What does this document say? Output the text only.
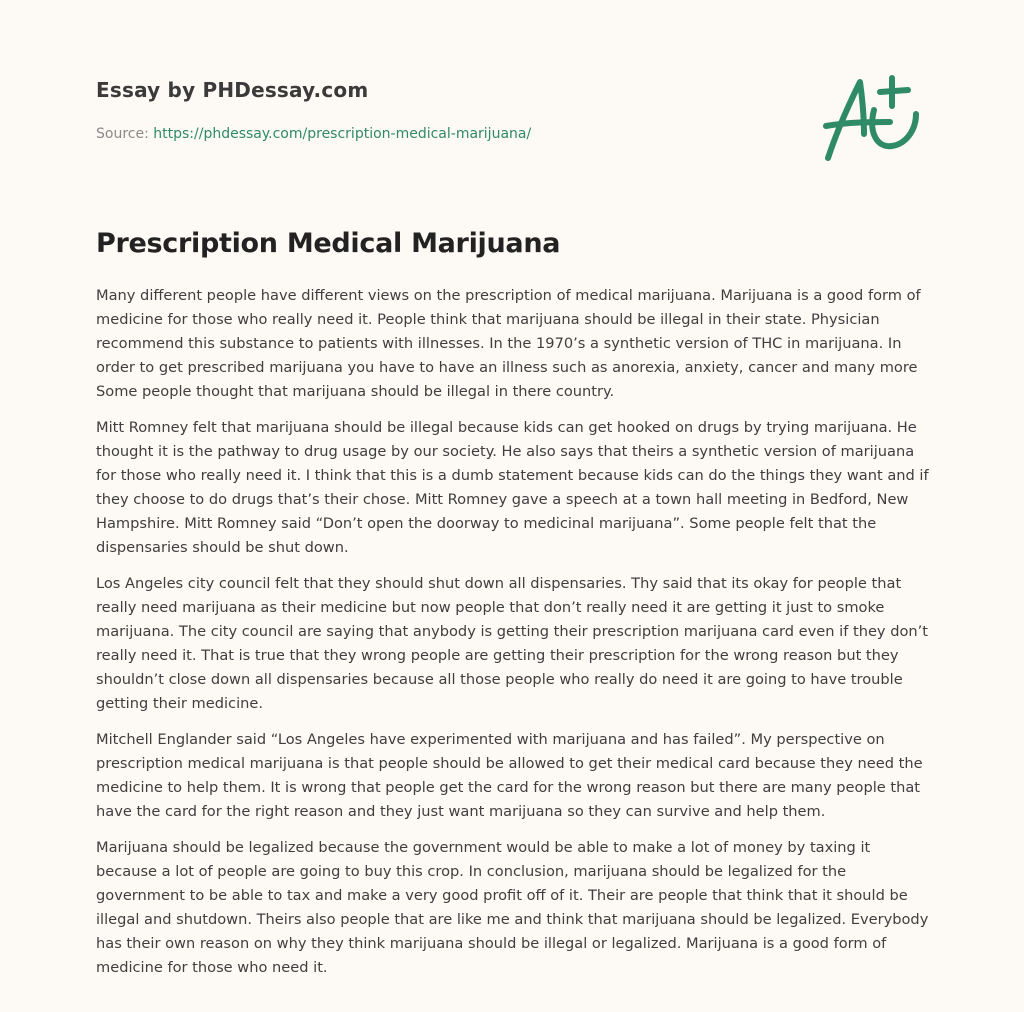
Essay by PHDessay.com
Source: https://phdessay.com/prescription-medical-marijuana/
Prescription Medical Marijuana

Many different people have different views on the prescription of medical marijuana. Marijuana is a good form of medicine for those who really need it. People think that marijuana should be illegal in their state. Physician recommend this substance to patients with illnesses. In the 1970’s a synthetic version of THC in marijuana. In order to get prescribed marijuana you have to have an illness such as anorexia, anxiety, cancer and many more Some people thought that marijuana should be illegal in there country.

Mitt Romney felt that marijuana should be illegal because kids can get hooked on drugs by trying marijuana. He thought it is the pathway to drug usage by our society. He also says that theirs a synthetic version of marijuana for those who really need it. I think that this is a dumb statement because kids can do the things they want and if they choose to do drugs that’s their chose. Mitt Romney gave a speech at a town hall meeting in Bedford, New Hampshire. Mitt Romney said “Don’t open the doorway to medicinal marijuana”. Some people felt that the dispensaries should be shut down.

Los Angeles city council felt that they should shut down all dispensaries. Thy said that its okay for people that really need marijuana as their medicine but now people that don’t really need it are getting it just to smoke marijuana. The city council are saying that anybody is getting their prescription marijuana card even if they don’t really need it. That is true that they wrong people are getting their prescription for the wrong reason but they shouldn’t close down all dispensaries because all those people who really do need it are going to have trouble getting their medicine.

Mitchell Englander said “Los Angeles have experimented with marijuana and has failed”. My perspective on prescription medical marijuana is that people should be allowed to get their medical card because they need the medicine to help them. It is wrong that people get the card for the wrong reason but there are many people that have the card for the right reason and they just want marijuana so they can survive and help them.

Marijuana should be legalized because the government would be able to make a lot of money by taxing it because a lot of people are going to buy this crop. In conclusion, marijuana should be legalized for the government to be able to tax and make a very good profit off of it. Their are people that think that it should be illegal and shutdown. Theirs also people that are like me and think that marijuana should be legalized. Everybody has their own reason on why they think marijuana should be illegal or legalized. Marijuana is a good form of medicine for those who need it.
